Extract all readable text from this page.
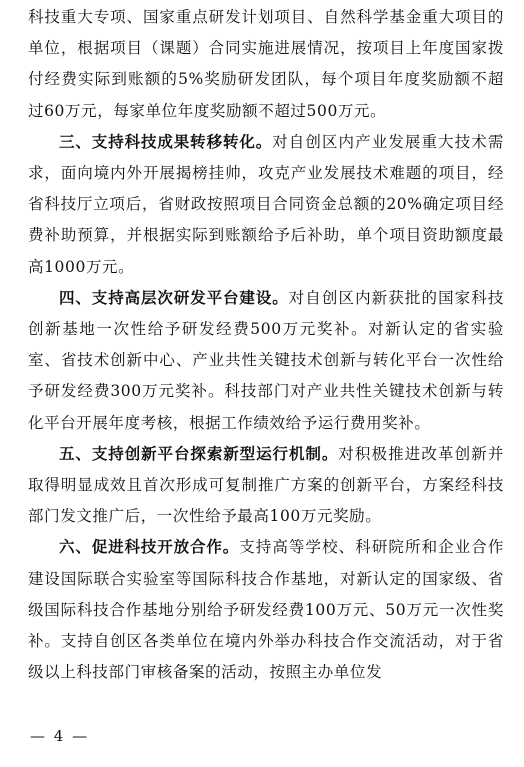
科技重大专项、国家重点研发计划项目、自然科学基金重大项目的单位，根据项目（课题）合同实施进展情况，按项目上年度国家拨付经费实际到账额的5%奖励研发团队，每个项目年度奖励额不超过60万元，每家单位年度奖励额不超过500万元。

三、支持科技成果转移转化。对自创区内产业发展重大技术需求，面向境内外开展揭榜挂帅，攻克产业发展技术难题的项目，经省科技厅立项后，省财政按照项目合同资金总额的20%确定项目经费补助预算，并根据实际到账额给予后补助，单个项目资助额度最高1000万元。

四、支持高层次研发平台建设。对自创区内新获批的国家科技创新基地一次性给予研发经费500万元奖补。对新认定的省实验室、省技术创新中心、产业共性关键技术创新与转化平台一次性给予研发经费300万元奖补。科技部门对产业共性关键技术创新与转化平台开展年度考核，根据工作绩效给予运行费用奖补。

五、支持创新平台探索新型运行机制。对积极推进改革创新并取得明显成效且首次形成可复制推广方案的创新平台，方案经科技部门发文推广后，一次性给予最高100万元奖励。

六、促进科技开放合作。支持高等学校、科研院所和企业合作建设国际联合实验室等国际科技合作基地，对新认定的国家级、省级国际科技合作基地分别给予研发经费100万元、50万元一次性奖补。支持自创区各类单位在境内外举办科技合作交流活动，对于省级以上科技部门审核备案的活动，按照主办单位发

— 4 —
